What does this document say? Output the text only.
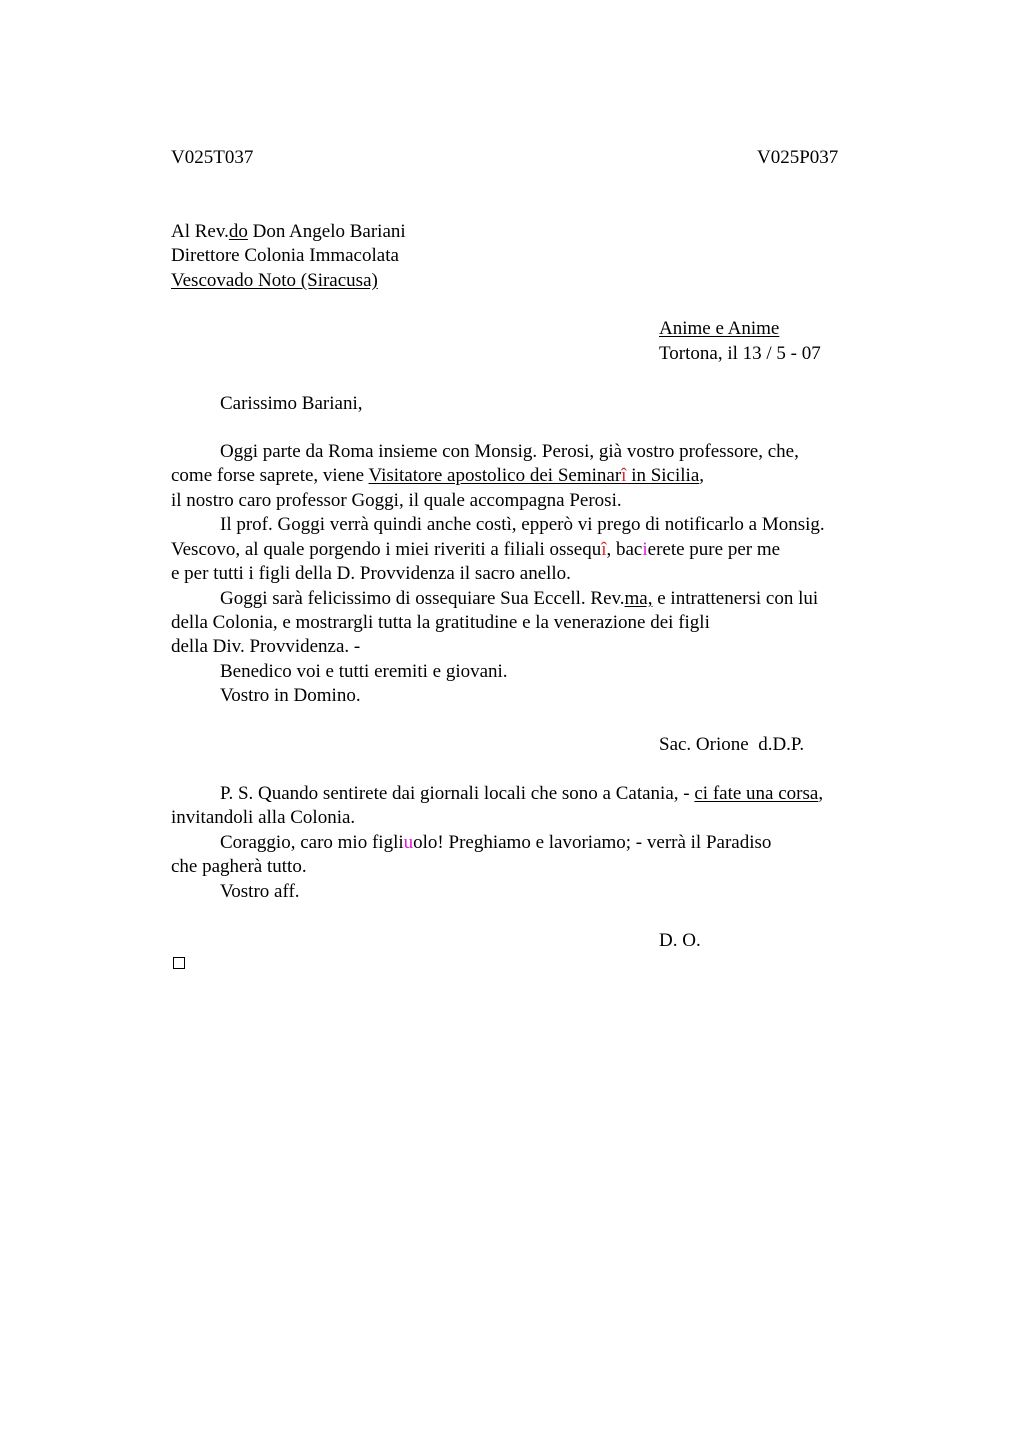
V025T037	V025P037
Al Rev.do Don Angelo Bariani
Direttore Colonia Immacolata
Vescovado Noto (Siracusa)
Anime e Anime
Tortona, il 13 / 5 - 07
Carissimo Bariani,
Oggi parte da Roma insieme con Monsig. Perosi, già vostro professore, che,
come forse saprete, viene Visitatore apostolico dei Seminarî in Sicilia,
il nostro caro professor Goggi, il quale accompagna Perosi.
Il prof. Goggi verrà quindi anche costì, epperò vi prego di notificarlo a Monsig.
Vescovo, al quale porgendo i miei riveriti a filiali ossequî, bacierete pure per me
e per tutti i figli della D. Provvidenza il sacro anello.
Goggi sarà felicissimo di ossequiare Sua Eccell. Rev.ma, e intrattenersi con lui
della Colonia, e mostrargli tutta la gratitudine e la venerazione dei figli
della Div. Provvidenza. -
Benedico voi e tutti eremiti e giovani.
Vostro in Domino.
Sac. Orione  d.D.P.
P. S. Quando sentirete dai giornali locali che sono a Catania, - ci fate una corsa,
invitandoli alla Colonia.
Coraggio, caro mio figliuolo! Preghiamo e lavoriamo; - verrà il Paradiso
che pagherà tutto.
Vostro aff.
D. O.
